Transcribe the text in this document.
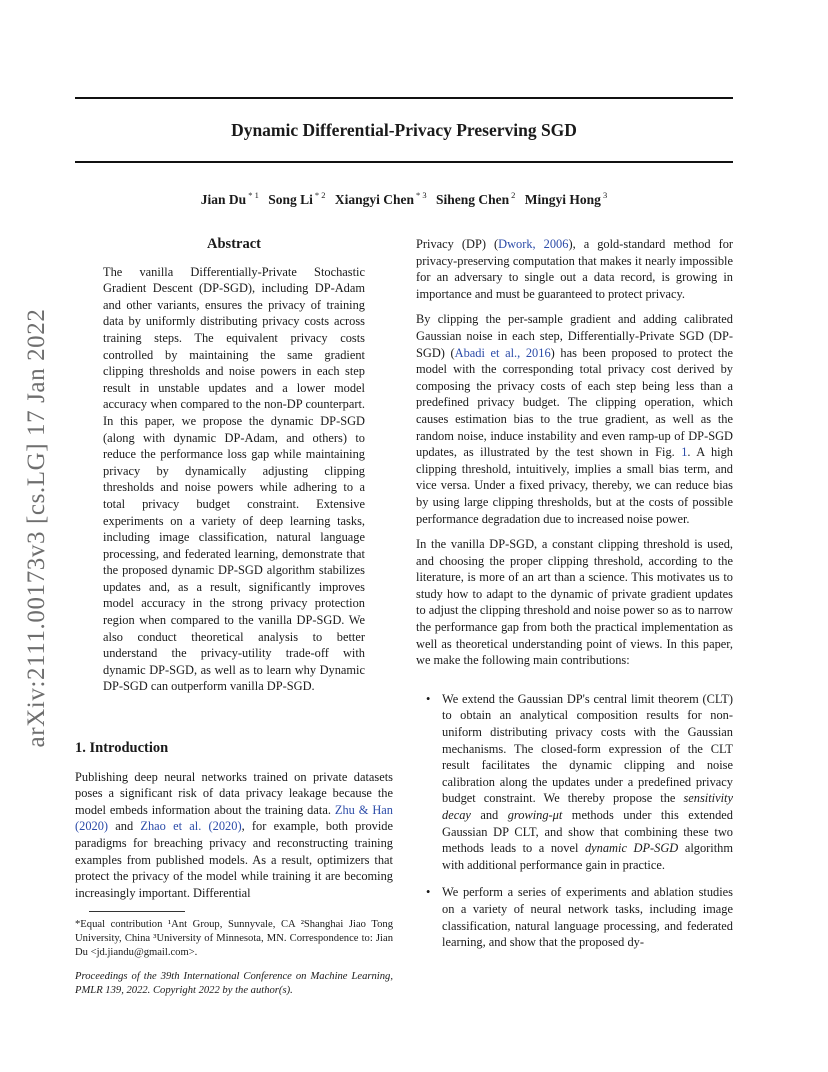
Dynamic Differential-Privacy Preserving SGD
Jian Du $^{* 1}$ Song Li $^{* 2}$ Xiangyi Chen $^{* 3}$ Siheng Chen $^2$ Mingyi Hong $^3$
arXiv:2111.00173v3 [cs.LG] 17 Jan 2022
Abstract

The vanilla Differentially-Private Stochastic Gradient Descent (DP-SGD), including DP-Adam and other variants, ensures the privacy of training data by uniformly distributing privacy costs across training steps. The equivalent privacy costs controlled by maintaining the same gradient clipping thresholds and noise powers in each step result in unstable updates and a lower model accuracy when compared to the non-DP counterpart. In this paper, we propose the dynamic DP-SGD (along with dynamic DP-Adam, and others) to reduce the performance loss gap while maintaining privacy by dynamically adjusting clipping thresholds and noise powers while adhering to a total privacy budget constraint. Extensive experiments on a variety of deep learning tasks, including image classification, natural language processing, and federated learning, demonstrate that the proposed dynamic DP-SGD algorithm stabilizes updates and, as a result, significantly improves model accuracy in the strong privacy protection region when compared to the vanilla DP-SGD. We also conduct theoretical analysis to better understand the privacy-utility trade-off with dynamic DP-SGD, as well as to learn why Dynamic DP-SGD can outperform vanilla DP-SGD.

1. Introduction

Publishing deep neural networks trained on private datasets poses a significant risk of data privacy leakage because the model embeds information about the training data. Zhu & Han (2020) and Zhao et al. (2020), for example, both provide paradigms for breaching privacy and reconstructing training examples from published models. As a result, optimizers that protect the privacy of the model while training it are becoming increasingly important. Differential

*Equal contribution ¹Ant Group, Sunnyvale, CA ²Shanghai Jiao Tong University, China ³University of Minnesota, MN. Correspondence to: Jian Du <jd.jiandu@gmail.com>.

Proceedings of the 39th International Conference on Machine Learning, PMLR 139, 2022. Copyright 2022 by the author(s).

Privacy (DP) (Dwork, 2006), a gold-standard method for privacy-preserving computation that makes it nearly impossible for an adversary to single out a data record, is growing in importance and must be guaranteed to protect privacy.

By clipping the per-sample gradient and adding calibrated Gaussian noise in each step, Differentially-Private SGD (DP-SGD) (Abadi et al., 2016) has been proposed to protect the model with the corresponding total privacy cost derived by composing the privacy costs of each step being less than a predefined privacy budget. The clipping operation, which causes estimation bias to the true gradient, as well as the random noise, induce instability and even ramp-up of DP-SGD updates, as illustrated by the test shown in Fig. 1. A high clipping threshold, intuitively, implies a small bias term, and vice versa. Under a fixed privacy, thereby, we can reduce bias by using large clipping thresholds, but at the costs of possible performance degradation due to increased noise power.

In the vanilla DP-SGD, a constant clipping threshold is used, and choosing the proper clipping threshold, according to the literature, is more of an art than a science. This motivates us to study how to adapt to the dynamic of private gradient updates to adjust the clipping threshold and noise power so as to narrow the performance gap from both the practical implementation as well as theoretical understanding point of views. In this paper, we make the following main contributions:

• We extend the Gaussian DP's central limit theorem (CLT) to obtain an analytical composition results for non-uniform distributing privacy costs with the Gaussian mechanisms. The closed-form expression of the CLT result facilitates the dynamic clipping and noise calibration along the updates under a predefined privacy budget constraint. We thereby propose the sensitivity decay and growing-μt methods under this extended Gaussian DP CLT, and show that combining these two methods leads to a novel dynamic DP-SGD algorithm with additional performance gain in practice.
• We perform a series of experiments and ablation studies on a variety of neural network tasks, including image classification, natural language processing, and federated learning, and show that the proposed dy-
